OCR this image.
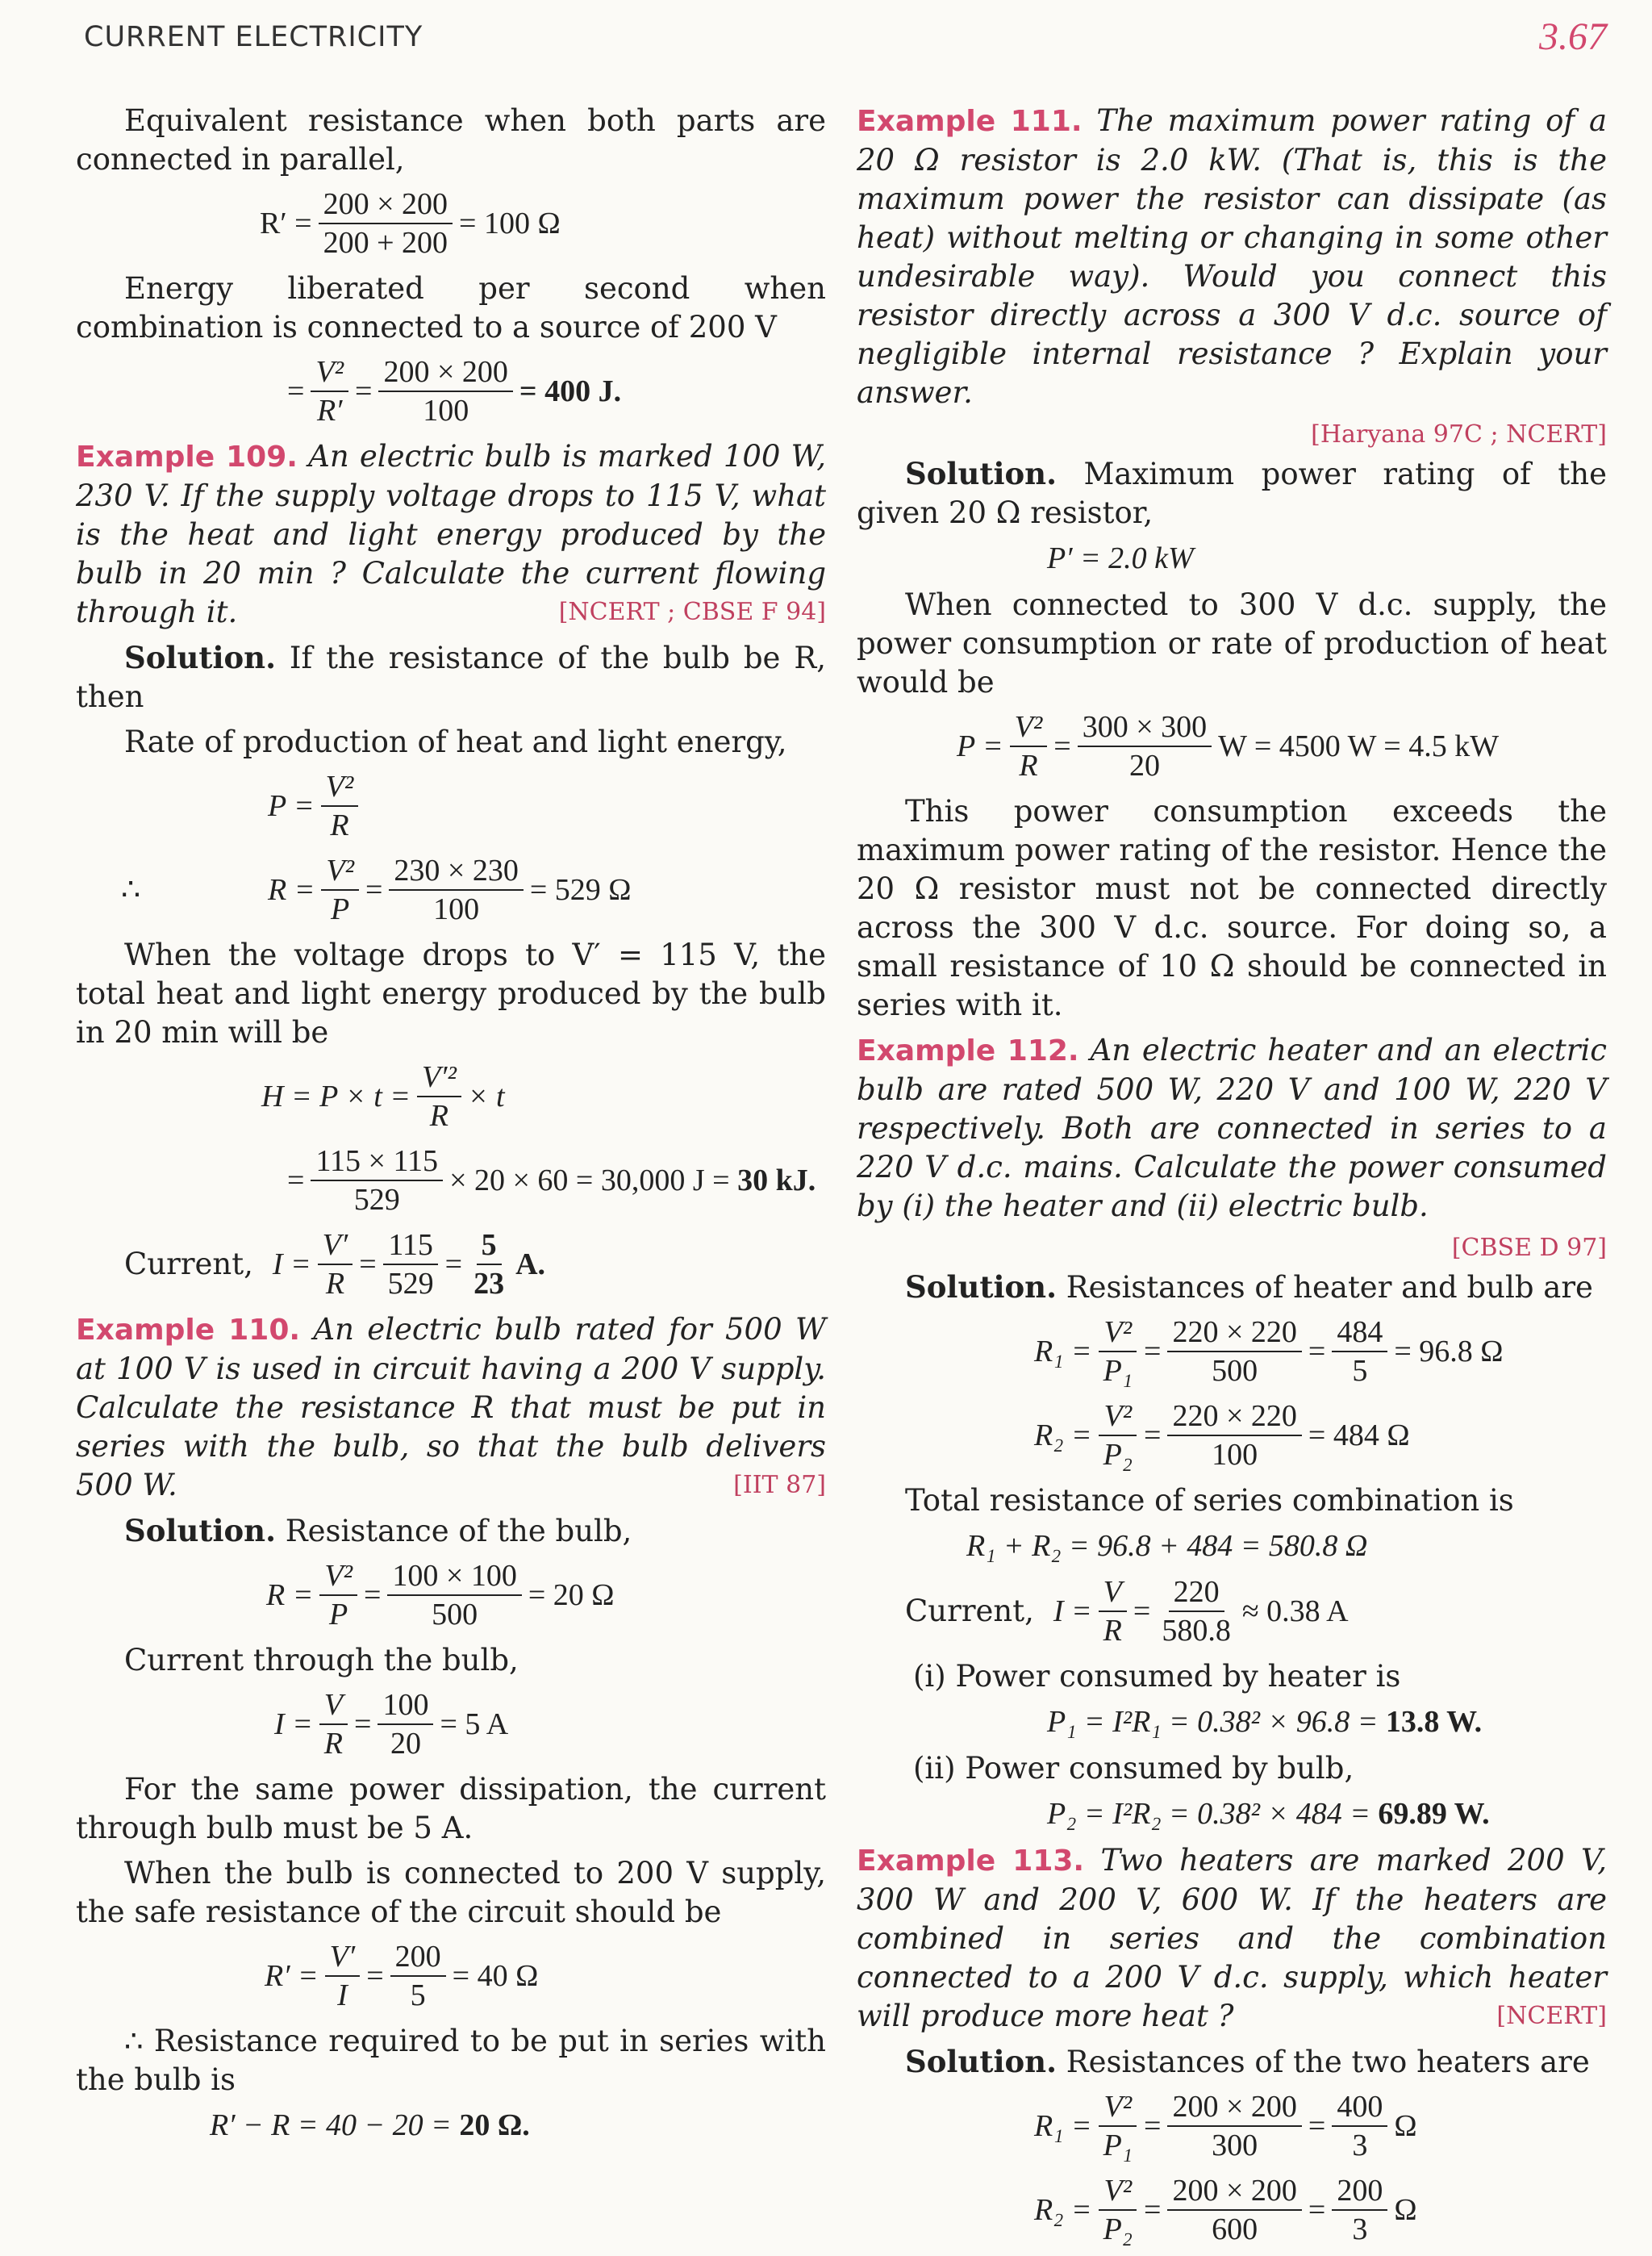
CURRENT ELECTRICITY	3.67

Equivalent resistance when both parts are connected in parallel,

$R' = \frac{200 \times 200}{200 + 200} = 100$ Ω

Energy liberated per second when combination is connected to a source of 200 V

= $\frac{\text{V²}}{R'} = \frac{200 \times 200}{100} = 400$ J.

Example 109. An electric bulb is marked 100 W, 230 V. If the supply voltage drops to 115 V, what is the heat and light energy produced by the bulb in 20 min ? Calculate the current flowing through it.	[NCERT ; CBSE F 94]

Solution. If the resistance of the bulb be R, then

Rate of production of heat and light energy,

$P = \frac{\text{V²}}{R}$
∴	$R = \frac{\text{V²}}{P} = \frac{230 \times 230}{100} = 529$ Ω

When the voltage drops to V′ = 115 V, the total heat and light energy produced by the bulb in 20 min will be

$H = P \times t = \frac{\text{V′²}}{R} \times t$
= $\frac{115 \times 115}{529} \times 20 \times 60 = 30,000$ J =
30 kJ.
Current, $I = \frac{V'}{R} = \frac{115}{529} = \frac{5}{23} A$.

Example 110. An electric bulb rated for 500 W at 100 V is used in circuit having a 200 V supply. Calculate the resistance R that must be put in series with the bulb, so that the bulb delivers 500 W.	[IIT 87]

Solution. Resistance of the bulb,

$R = \frac{\text{V²}}{P} = \frac{100 \times 100}{500} = 20$ Ω

Current through the bulb,

$I = \frac{V}{R} = \frac{100}{20} = 5$ A

For the same power dissipation, the current through bulb must be 5 A.

When the bulb is connected to 200 V supply, the safe resistance of the circuit should be

$R' = \frac{V'}{I} = \frac{200}{5} = 40$ Ω

∴ Resistance required to be put in series with the bulb is

R′ − R = 40 − 20 =
20 Ω.

Example 111. The maximum power rating of a 20 Ω resistor is 2.0 kW. (That is, this is the maximum power the resistor can dissipate (as heat) without melting or changing in some other undesirable way). Would you connect this resistor directly across a 300 V d.c. source of negligible internal resistance ? Explain your answer.

[Haryana 97C ; NCERT]

Solution. Maximum power rating of the given 20 Ω resistor,

P′ = 2.0 kW

When connected to 300 V d.c. supply, the power consumption or rate of production of heat would be

$P = \frac{\text{V²}}{R} = \frac{300 \times 300}{20}$ W = 4500 W = 4.5 kW

This power consumption exceeds the maximum power rating of the resistor. Hence the 20 Ω resistor must not be connected directly across the 300 V d.c. source. For doing so, a small resistance of 10 Ω should be connected in series with it.

Example 112. An electric heater and an electric bulb are rated 500 W, 220 V and 100 W, 220 V respectively. Both are connected in series to a 220 V d.c. mains. Calculate the power consumed by (i) the heater and (ii) electric bulb.

[CBSE D 97]

Solution. Resistances of heater and bulb are

$R_1 = \frac{\text{V²}}{\text{P₁}} = \frac{220 \times 220}{500} = \frac{484}{5} = 96.8$ Ω
$R_2 = \frac{\text{V²}}{\text{P₂}} = \frac{220 \times 220}{100} = 484$ Ω

Total resistance of series combination is

R₁ + R₂ = 96.8 + 484 = 580.8 Ω
Current, $I = \frac{V}{R} = \frac{220}{580.8} \approx 0.38$ A

(i) Power consumed by heater is

P₁ = I²R₁ = 0.38² × 96.8 =
13.8 W.

(ii) Power consumed by bulb,

P₂ = I²R₂ = 0.38² × 484 =
69.89 W.

Example 113. Two heaters are marked 200 V, 300 W and 200 V, 600 W. If the heaters are combined in series and the combination connected to a 200 V d.c. supply, which heater will produce more heat ?	[NCERT]

Solution. Resistances of the two heaters are

$R_1 = \frac{\text{V²}}{\text{P₁}} = \frac{200 \times 200}{300} = \frac{400}{3}$ Ω
$R_2 = \frac{\text{V²}}{\text{P₂}} = \frac{200 \times 200}{600} = \frac{200}{3}$ Ω
